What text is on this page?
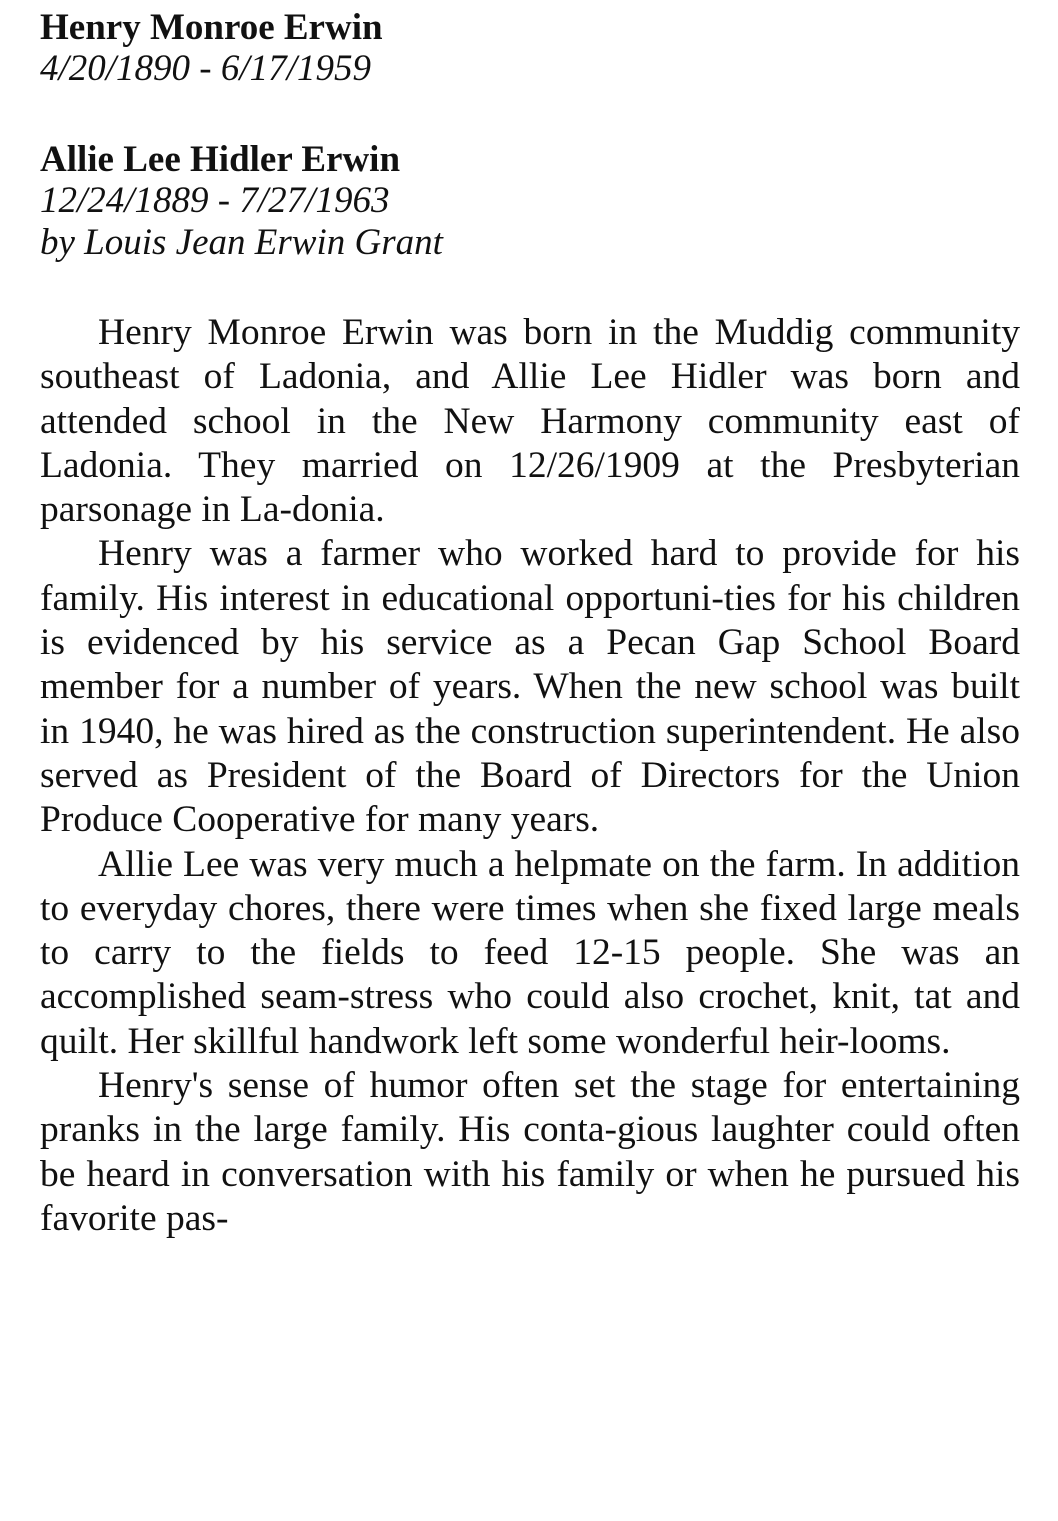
Henry Monroe Erwin

4/20/1890 - 6/17/1959

Allie Lee Hidler Erwin

12/24/1889 - 7/27/1963

by Louis Jean Erwin Grant

Henry Monroe Erwin was born in the Muddig community southeast of Ladonia, and Allie Lee Hidler was born and attended school in the New Harmony community east of Ladonia. They married on 12/26/1909 at the Presbyterian parsonage in La-donia.

Henry was a farmer who worked hard to provide for his family. His interest in educational opportuni-ties for his children is evidenced by his service as a Pecan Gap School Board member for a number of years. When the new school was built in 1940, he was hired as the construction superintendent. He also served as President of the Board of Directors for the Union Produce Cooperative for many years.

Allie Lee was very much a helpmate on the farm. In addition to everyday chores, there were times when she fixed large meals to carry to the fields to feed 12-15 people. She was an accomplished seam-stress who could also crochet, knit, tat and quilt. Her skillful handwork left some wonderful heir-looms.

Henry's sense of humor often set the stage for entertaining pranks in the large family. His conta-gious laughter could often be heard in conversation with his family or when he pursued his favorite pas-
